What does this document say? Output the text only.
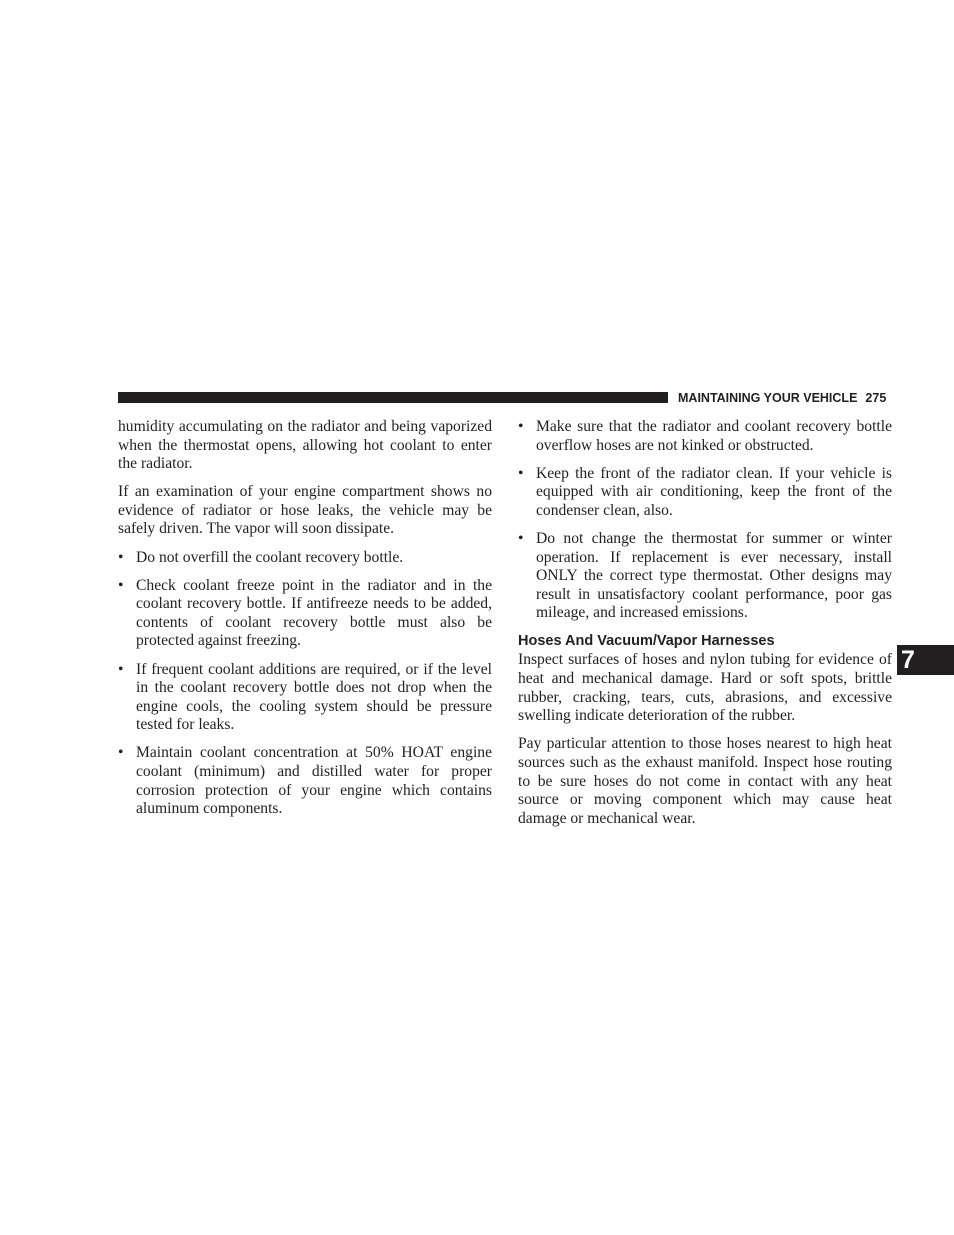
MAINTAINING YOUR VEHICLE 275
7

humidity accumulating on the radiator and being vaporized when the thermostat opens, allowing hot coolant to enter the radiator.

If an examination of your engine compartment shows no evidence of radiator or hose leaks, the vehicle may be safely driven. The vapor will soon dissipate.

• Do not overfill the coolant recovery bottle.
• Check coolant freeze point in the radiator and in the coolant recovery bottle. If antifreeze needs to be added, contents of coolant recovery bottle must also be protected against freezing.
• If frequent coolant additions are required, or if the level in the coolant recovery bottle does not drop when the engine cools, the cooling system should be pressure tested for leaks.
• Maintain coolant concentration at 50% HOAT engine coolant (minimum) and distilled water for proper corrosion protection of your engine which contains aluminum components.
• Make sure that the radiator and coolant recovery bottle overflow hoses are not kinked or obstructed.
• Keep the front of the radiator clean. If your vehicle is equipped with air conditioning, keep the front of the condenser clean, also.
• Do not change the thermostat for summer or winter operation. If replacement is ever necessary, install ONLY the correct type thermostat. Other designs may result in unsatisfactory coolant performance, poor gas mileage, and increased emissions.
Hoses And Vacuum/Vapor Harnesses

Inspect surfaces of hoses and nylon tubing for evidence of heat and mechanical damage. Hard or soft spots, brittle rubber, cracking, tears, cuts, abrasions, and excessive swelling indicate deterioration of the rubber.

Pay particular attention to those hoses nearest to high heat sources such as the exhaust manifold. Inspect hose routing to be sure hoses do not come in contact with any heat source or moving component which may cause heat damage or mechanical wear.
